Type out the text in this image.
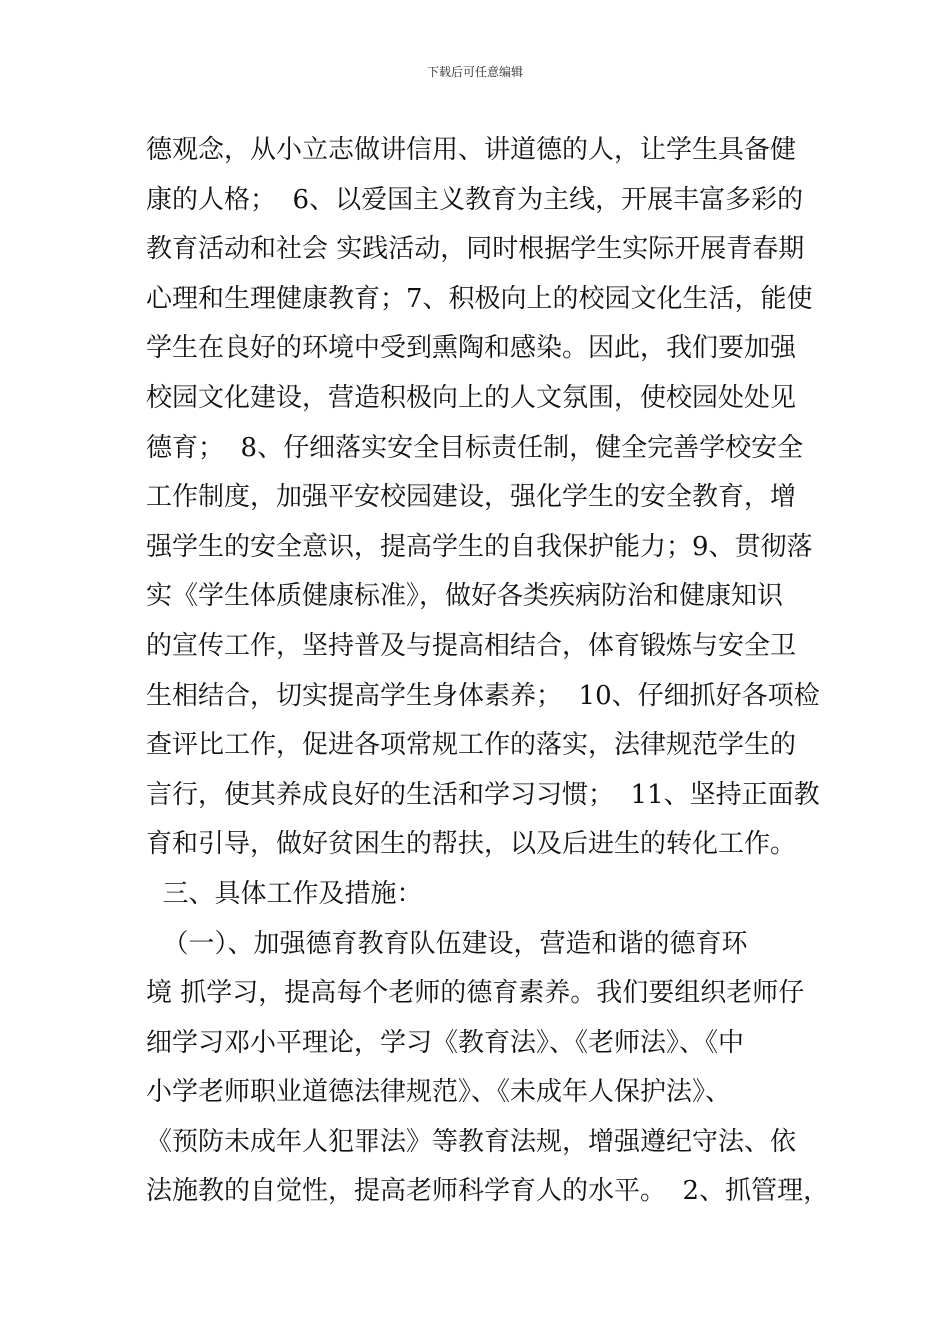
下载后可任意编辑
德观念，从小立志做讲信用、讲道德的人，让学生具备健
康的人格；  6、以爱国主义教育为主线，开展丰富多彩的
教育活动和社会 实践活动，同时根据学生实际开展青春期
心理和生理健康教育；7、积极向上的校园文化生活，能使
学生在良好的环境中受到熏陶和感染。因此，我们要加强
校园文化建设，营造积极向上的人文氛围，使校园处处见
德育；  8、仔细落实安全目标责任制，健全完善学校安全
工作制度，加强平安校园建设，强化学生的安全教育，增
强学生的安全意识，提高学生的自我保护能力；9、贯彻落
实《学生体质健康标准》，做好各类疾病防治和健康知识
的宣传工作，坚持普及与提高相结合，体育锻炼与安全卫
生相结合，切实提高学生身体素养；  10、仔细抓好各项检
查评比工作，促进各项常规工作的落实，法律规范学生的
言行，使其养成良好的生活和学习习惯；  11、坚持正面教
育和引导，做好贫困生的帮扶，以及后进生的转化工作。
三、具体工作及措施：
（一）、加强德育教育队伍建设，营造和谐的德育环
境 抓学习，提高每个老师的德育素养。我们要组织老师仔
细学习邓小平理论，学习《教育法》、《老师法》、《中
小学老师职业道德法律规范》、《未成年人保护法》、
《预防未成年人犯罪法》等教育法规，增强遵纪守法、依
法施教的自觉性，提高老师科学育人的水平。  2、抓管理，
